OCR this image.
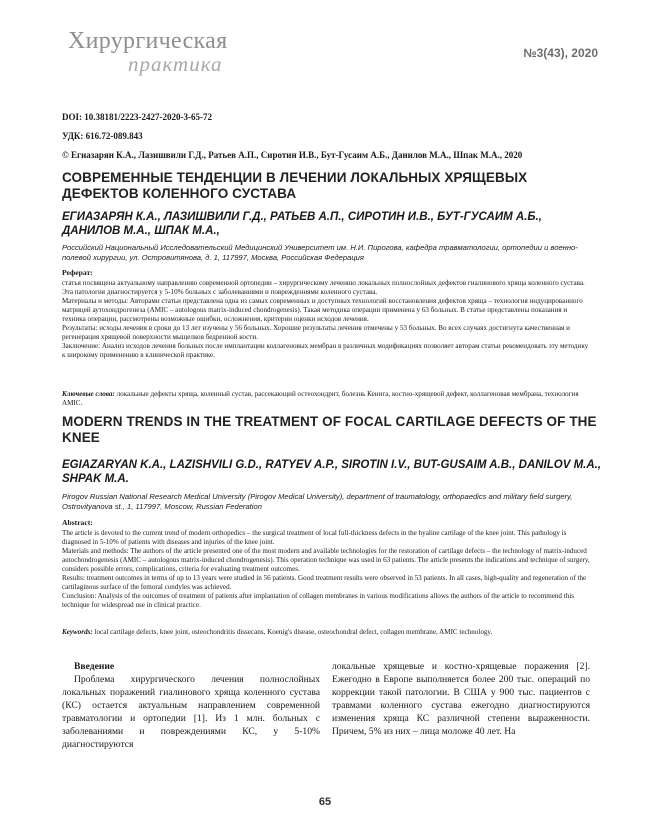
Хирургическая
практика	№3(43), 2020
DOI: 10.38181/2223-2427-2020-3-65-72
УДК: 616.72-089.843
© Егиазарян К.А., Лазишвили Г.Д., Ратьев А.П., Сиротин И.В., Бут-Гусаим А.Б., Данилов М.А., Шпак М.А., 2020
СОВРЕМЕННЫЕ ТЕНДЕНЦИИ В ЛЕЧЕНИИ ЛОКАЛЬНЫХ ХРЯЩЕВЫХ ДЕФЕКТОВ КОЛЕННОГО СУСТАВА
ЕГИАЗАРЯН К.А., ЛАЗИШВИЛИ Г.Д., РАТЬЕВ А.П., СИРОТИН И.В., БУТ-ГУСАИМ А.Б., ДАНИЛОВ М.А., ШПАК М.А.,
Российский Национальный Исследовательский Медицинский Университет им. Н.И. Пирогова, кафедра травматологии, ортопедии и военно-полевой хирургии, ул. Островитянова, д. 1, 117997, Москва, Российская Федерация
Реферат:

статья посвящена актуальному направлению современной ортопедии – хирургическому лечению локальных полнослойных дефектов гиалинового хряща коленного сустава. Эта патология диагностируется у 5-10% больных с заболеваниями и повреждениями коленного сустава.

Материалы и методы: Авторами статьи представлена одна из самых современных и доступных технологий восстановления дефектов хряща – технология индуцированного матрицей аутохондрогенеза (AMIC – autologous matrix-induced chondrogenesis). Такая методика операции применена у 63 больных. В статье представлены показания и техника операции, рассмотрены возможные ошибки, осложнения, критерии оценки исходов лечения.

Результаты: исходы лечения в сроки до 13 лет изучены у 56 больных. Хорошие результаты лечения отмечены у 53 больных. Во всех случаях достигнута качественная и регенерация хрящевой поверхности мыщелков бедренной кости.

Заключение: Анализ исходов лечения больных после имплантации коллагеновых мембран в различных модификациях позволяет авторам статьи рекомендовать эту методику к широкому применению в клинической практике.

Ключевые слова: локальные дефекты хряща, коленный сустав, рассекающий остеохондрит, болезнь Кенига, костно-хрящевой дефект, коллагеновая мембрана, технология AMIC.
MODERN TRENDS IN THE TREATMENT OF FOCAL CARTILAGE DEFECTS OF THE KNEE
EGIAZARYAN K.A., LAZISHVILI G.D., RATYEV A.P., SIROTIN I.V., BUT-GUSAIM A.B., DANILOV M.A., SHPAK M.A.
Pirogov Russian National Research Medical University (Pirogov Medical University), department of traumatology, orthopaedics and military field surgery, Ostrovityanova st., 1, 117997, Moscow, Russian Federation
Abstract:

The article is devoted to the current trend of modern orthopedics – the surgical treatment of local full-thickness defects in the hyaline cartilage of the knee joint. This pathology is diagnosed in 5-10% of patients with diseases and injuries of the knee joint.

Materials and methods: The authors of the article presented one of the most modern and available technologies for the restoration of cartilage defects – the technology of matrix-induced autochondrogenesis (AMIC – autologous matrix-induced chondrogenesis). This operation technique was used in 63 patients. The article presents the indications and technique of surgery, considers possible errors, complications, criteria for evaluating treatment outcomes.

Results: treatment outcomes in terms of up to 13 years were studied in 56 patients. Good treatment results were observed in 53 patients. In all cases, high-quality and regeneration of the cartilaginous surface of the femoral condyles was achieved.

Conclusion: Analysis of the outcomes of treatment of patients after implantation of collagen membranes in various modifications allows the authors of the article to recommend this technique for widespread use in clinical practice.

Keywords: local cartilage defects, knee joint, osteochondritis dissecans, Koenig's disease, osteochondral defect, collagen membrane, AMIC technology.

Введение

Проблема хирургического лечения полнослойных локальных поражений гиалинового хряща коленного сустава (КС) остается актуальным направлением современной травматологии и ортопедии [1]. Из 1 млн. больных с заболеваниями и повреждениями КС, у 5-10% диагностируются

локальные хрящевые и костно-хрящевые поражения [2]. Ежегодно в Европе выполняется более 200 тыс. операций по коррекции такой патологии. В США у 900 тыс. пациентов с травмами коленного сустава ежегодно диагностируются изменения хряща КС различной степени выраженности. Причем, 5% из них – лица моложе 40 лет. На

65
